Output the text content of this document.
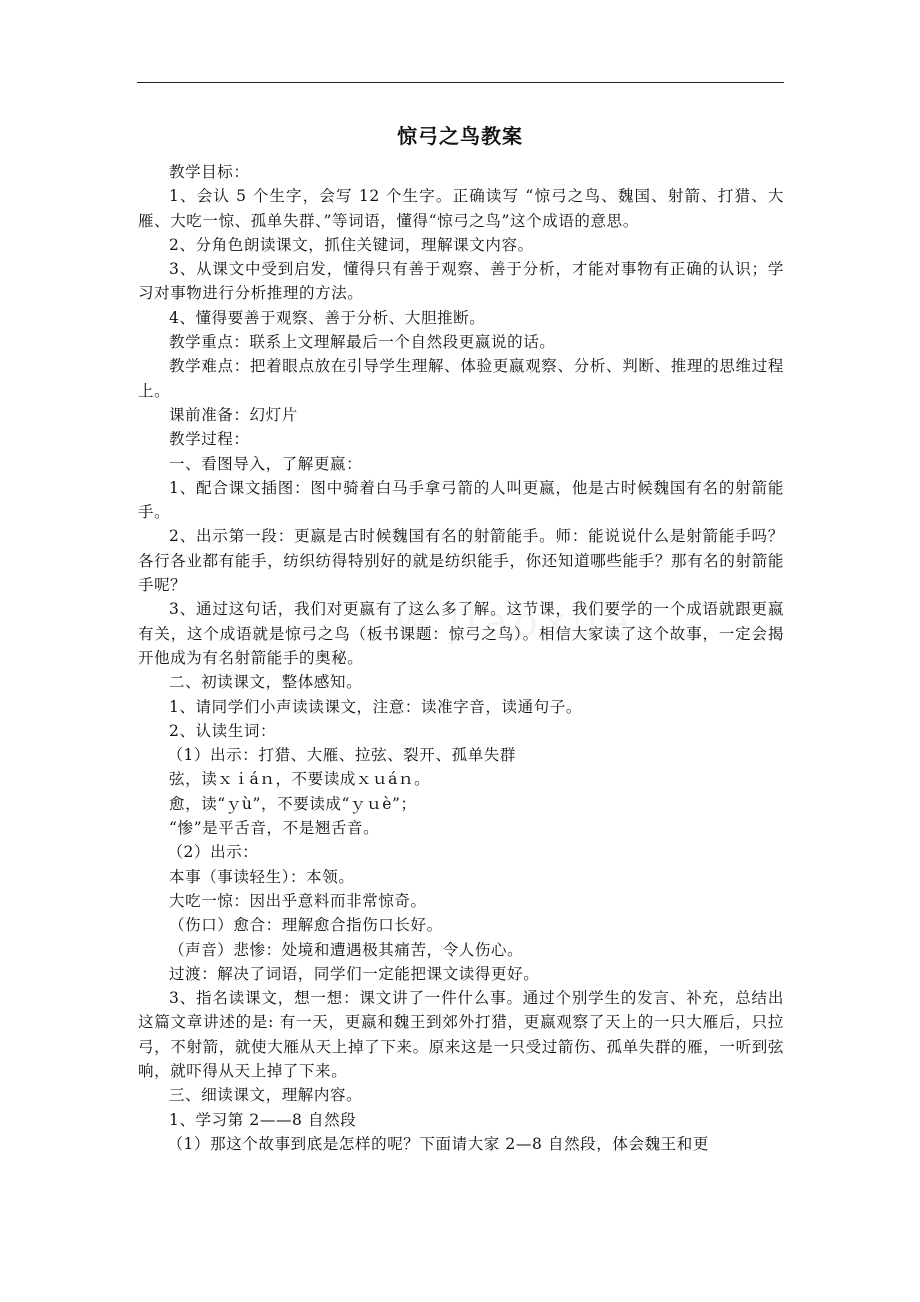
惊弓之鸟教案

教学目标：

1、会认 5 个生字，会写 12 个生字。正确读写 “惊弓之鸟、魏国、射箭、打猎、大雁、大吃一惊、孤单失群、”等词语，懂得“惊弓之鸟”这个成语的意思。

2、分角色朗读课文，抓住关键词，理解课文内容。

3、从课文中受到启发，懂得只有善于观察、善于分析，才能对事物有正确的认识；学习对事物进行分析推理的方法。

4、懂得要善于观察、善于分析、大胆推断。

教学重点：联系上文理解最后一个自然段更嬴说的话。

教学难点：把着眼点放在引导学生理解、体验更嬴观察、分析、判断、推理的思维过程上。

课前准备：幻灯片

教学过程：

一、看图导入，了解更嬴：

1、配合课文插图：图中骑着白马手拿弓箭的人叫更嬴，他是古时候魏国有名的射箭能手。

2、出示第一段：更嬴是古时候魏国有名的射箭能手。师：能说说什么是射箭能手吗？各行各业都有能手，纺织纺得特别好的就是纺织能手，你还知道哪些能手？那有名的射箭能手呢？

3、通过这句话，我们对更嬴有了这么多了解。这节课，我们要学的一个成语就跟更嬴有关，这个成语就是惊弓之鸟（板书课题：惊弓之鸟）。相信大家读了这个故事，一定会揭开他成为有名射箭能手的奥秘。

二、初读课文，整体感知。

1、请同学们小声读读课文，注意：读准字音，读通句子。

2、认读生词：

（1）出示：打猎、大雁、拉弦、裂开、孤单失群

弦，读ｘｉáｎ，不要读成ｘｕáｎ。

愈，读“ｙù”，不要读成“ｙｕè”；

“惨”是平舌音，不是翘舌音。

（2）出示：

本事（事读轻生）：本领。

大吃一惊：因出乎意料而非常惊奇。

（伤口）愈合：理解愈合指伤口长好。

（声音）悲惨：处境和遭遇极其痛苦，令人伤心。

过渡：解决了词语，同学们一定能把课文读得更好。

3、指名读课文，想一想：课文讲了一件什么事。通过个别学生的发言、补充，总结出这篇文章讲述的是: 有一天，更嬴和魏王到郊外打猎，更嬴观察了天上的一只大雁后，只拉弓，不射箭，就使大雁从天上掉了下来。原来这是一只受过箭伤、孤单失群的雁，一听到弦响，就吓得从天上掉了下来。

三、细读课文，理解内容。

1、学习第 2——8 自然段

（1）那这个故事到底是怎样的呢？下面请大家 2—8 自然段，体会魏王和更
